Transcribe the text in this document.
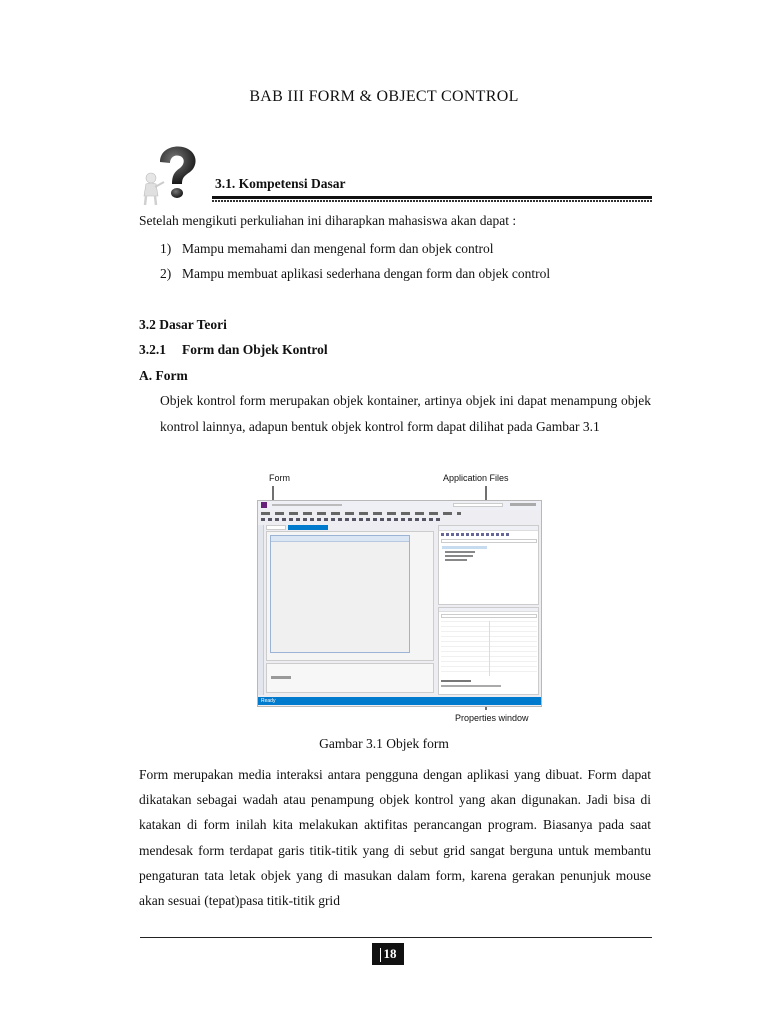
BAB III FORM & OBJECT CONTROL
3.1. Kompetensi Dasar
Setelah mengikuti perkuliahan ini diharapkan mahasiswa akan dapat :
1) Mampu memahami dan mengenal form dan objek control
2) Mampu membuat aplikasi sederhana dengan form dan objek control
3.2 Dasar Teori
3.2.1 Form dan Objek Kontrol
A. Form
Objek kontrol form merupakan objek kontainer, artinya objek ini dapat menampung objek kontrol lainnya, adapun bentuk objek kontrol form dapat dilihat pada Gambar 3.1
Form	Application Files
Ready
Properties window
Gambar 3.1 Objek form
Form merupakan media interaksi antara pengguna dengan aplikasi yang dibuat. Form dapat dikatakan sebagai wadah atau penampung objek kontrol yang akan digunakan. Jadi bisa di katakan di form inilah kita melakukan aktifitas perancangan program. Biasanya pada saat mendesak form terdapat garis titik-titik yang di sebut grid sangat berguna untuk membantu pengaturan tata letak objek yang di masukan dalam form, karena gerakan penunjuk mouse akan sesuai (tepat)pasa titik-titik grid
18
